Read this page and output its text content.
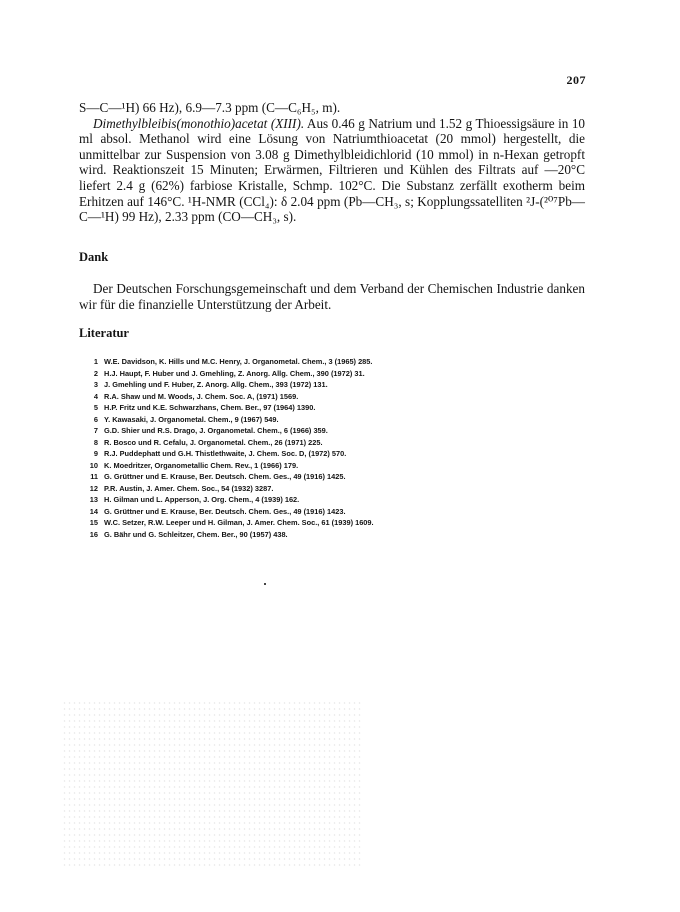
207

S—C—¹H) 66 Hz), 6.9—7.3 ppm (C—C₆H₅, m).
Dimethylbleibis(monothio)acetat (XIII). Aus 0.46 g Natrium und 1.52 g Thioessigsäure in 10 ml absol. Methanol wird eine Lösung von Natriumthioacetat (20 mmol) hergestellt, die unmittelbar zur Suspension von 3.08 g Dimethylbleidichlorid (10 mmol) in n-Hexan getropft wird. Reaktionszeit 15 Minuten; Erwärmen, Filtrieren und Kühlen des Filtrats auf —20°C liefert 2.4 g (62%) farbiose Kristalle, Schmp. 102°C. Die Substanz zerfällt exotherm beim Erhitzen auf 146°C. ¹H-NMR (CCl₄): δ 2.04 ppm (Pb—CH₃, s; Kopplungssatelliten ²J-(²⁰⁷Pb—C—¹H) 99 Hz), 2.33 ppm (CO—CH₃, s).
Dank

Der Deutschen Forschungsgemeinschaft und dem Verband der Chemischen Industrie danken wir für die finanzielle Unterstützung der Arbeit.

Literatur
1 W.E. Davidson, K. Hills und M.C. Henry, J. Organometal. Chem., 3 (1965) 285.
2 H.J. Haupt, F. Huber und J. Gmehling, Z. Anorg. Allg. Chem., 390 (1972) 31.
3 J. Gmehling und F. Huber, Z. Anorg. Allg. Chem., 393 (1972) 131.
4 R.A. Shaw und M. Woods, J. Chem. Soc. A, (1971) 1569.
5 H.P. Fritz und K.E. Schwarzhans, Chem. Ber., 97 (1964) 1390.
6 Y. Kawasaki, J. Organometal. Chem., 9 (1967) 549.
7 G.D. Shier und R.S. Drago, J. Organometal. Chem., 6 (1966) 359.
8 R. Bosco und R. Cefalu, J. Organometal. Chem., 26 (1971) 225.
9 R.J. Puddephatt und G.H. Thistlethwaite, J. Chem. Soc. D, (1972) 570.
10 K. Moedritzer, Organometallic Chem. Rev., 1 (1966) 179.
11 G. Grüttner und E. Krause, Ber. Deutsch. Chem. Ges., 49 (1916) 1425.
12 P.R. Austin, J. Amer. Chem. Soc., 54 (1932) 3287.
13 H. Gilman und L. Apperson, J. Org. Chem., 4 (1939) 162.
14 G. Grüttner und E. Krause, Ber. Deutsch. Chem. Ges., 49 (1916) 1423.
15 W.C. Setzer, R.W. Leeper und H. Gilman, J. Amer. Chem. Soc., 61 (1939) 1609.
16 G. Bähr und G. Schleitzer, Chem. Ber., 90 (1957) 438.
